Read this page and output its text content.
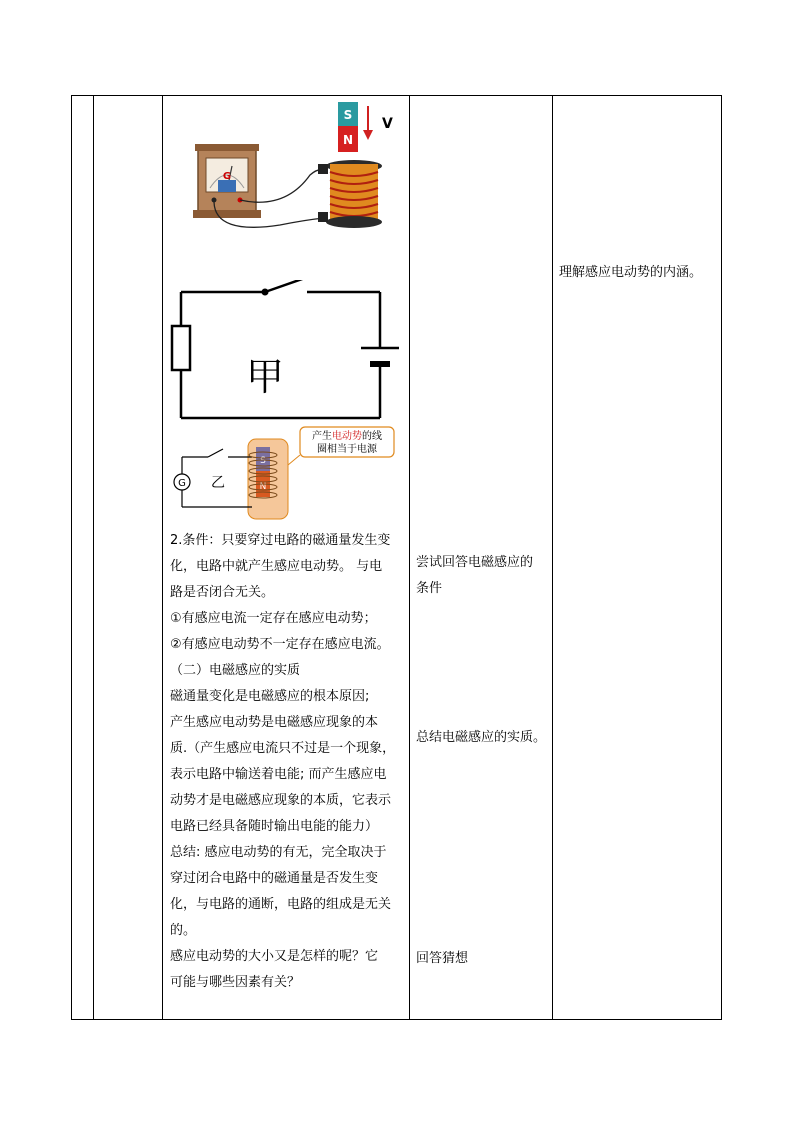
G
S
N
V
甲
G 乙
S
N
产生电动势的线
圈相当于电源
2.条件：只要穿过电路的磁通量发生变
化，电路中就产生感应电动势。 与电
路是否闭合无关。
①有感应电流一定存在感应电动势；
②有感应电动势不一定存在感应电流。
（二）电磁感应的实质
磁通量变化是电磁感应的根本原因;
产生感应电动势是电磁感应现象的本
质.（产生感应电流只不过是一个现象，
表示电路中输送着电能; 而产生感应电
动势才是电磁感应现象的本质，它表示
电路已经具备随时输出电能的能力）
总结: 感应电动势的有无，完全取决于
穿过闭合电路中的磁通量是否发生变
化，与电路的通断，电路的组成是无关
的。
感应电动势的大小又是怎样的呢？它
可能与哪些因素有关？
尝试回答电磁感应的
条件
总结电磁感应的实质。
回答猜想
理解感应电动势的内涵。
